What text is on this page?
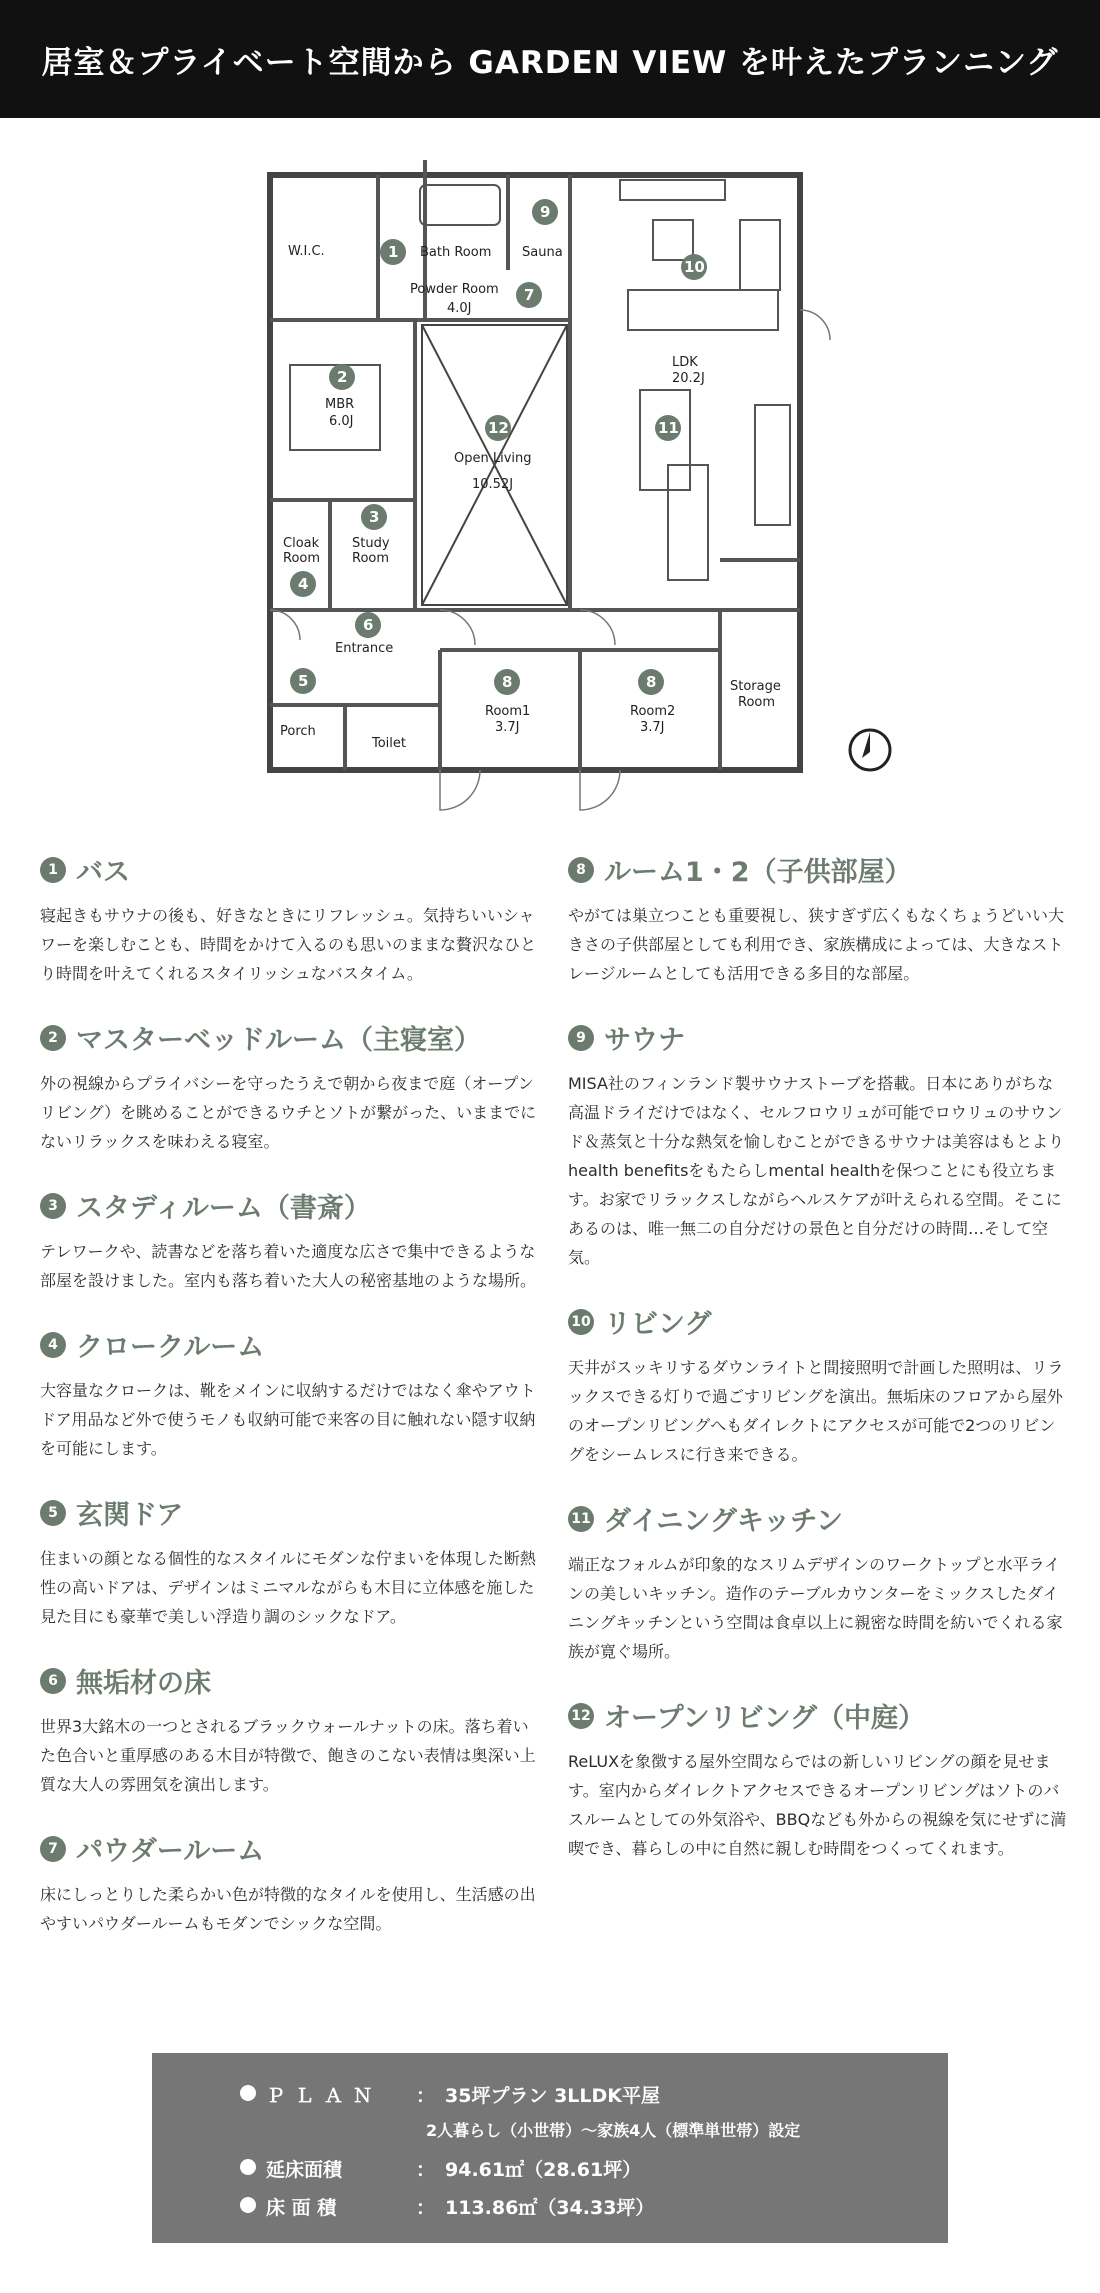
居室＆プライベート空間から GARDEN VIEW を叶えたプランニング
W.I.C.	Bath Room Sauna
Powder Room
4.0J
LDK
20.2J
MBR
6.0J
Open Living
10.52J
Cloak
Room
Study
Room
Entrance
Room1
3.7J
Room2
3.7J
Storage
Room
Porch
Toilet
1
2
3
4
5
6
7
8
9
10
11
12
8
1 バス

寝起きもサウナの後も、好きなときにリフレッシュ。気持ちいいシャワーを楽しむことも、時間をかけて入るのも思いのままな贅沢なひとり時間を叶えてくれるスタイリッシュなバスタイム。

2 マスターベッドルーム（主寝室）

外の視線からプライバシーを守ったうえで朝から夜まで庭（オープンリビング）を眺めることができるウチとソトが繋がった、いままでにないリラックスを味わえる寝室。

3 スタディルーム（書斎）

テレワークや、読書などを落ち着いた適度な広さで集中できるような部屋を設けました。室内も落ち着いた大人の秘密基地のような場所。

4 クロークルーム

大容量なクロークは、靴をメインに収納するだけではなく傘やアウトドア用品など外で使うモノも収納可能で来客の目に触れない隠す収納を可能にします。

5 玄関ドア

住まいの顔となる個性的なスタイルにモダンな佇まいを体現した断熱性の高いドアは、デザインはミニマルながらも木目に立体感を施した見た目にも豪華で美しい浮造り調のシックなドア。

6 無垢材の床

世界3大銘木の一つとされるブラックウォールナットの床。落ち着いた色合いと重厚感のある木目が特徴で、飽きのこない表情は奥深い上質な大人の雰囲気を演出します。

7 パウダールーム

床にしっとりした柔らかい色が特徴的なタイルを使用し、生活感の出やすいパウダールームもモダンでシックな空間。

8 ルーム1・2（子供部屋）

やがては巣立つことも重要視し、狭すぎず広くもなくちょうどいい大きさの子供部屋としても利用でき、家族構成によっては、大きなストレージルームとしても活用できる多目的な部屋。

9 サウナ

MISA社のフィンランド製サウナストーブを搭載。日本にありがちな高温ドライだけではなく、セルフロウリュが可能でロウリュのサウンド＆蒸気と十分な熱気を愉しむことができるサウナは美容はもとよりhealth benefitsをもたらしmental healthを保つことにも役立ちます。お家でリラックスしながらヘルスケアが叶えられる空間。そこにあるのは、唯一無二の自分だけの景色と自分だけの時間…そして空気。

10 リビング

天井がスッキリするダウンライトと間接照明で計画した照明は、リラックスできる灯りで過ごすリビングを演出。無垢床のフロアから屋外のオープンリビングへもダイレクトにアクセスが可能で2つのリビングをシームレスに行き来できる。

11 ダイニングキッチン

端正なフォルムが印象的なスリムデザインのワークトップと水平ラインの美しいキッチン。造作のテーブルカウンターをミックスしたダイニングキッチンという空間は食卓以上に親密な時間を紡いでくれる家族が寛ぐ場所。

12 オープンリビング（中庭）

ReLUXを象徴する屋外空間ならではの新しいリビングの顔を見せます。室内からダイレクトアクセスできるオープンリビングはソトのバスルームとしての外気浴や、BBQなども外からの視線を気にせずに満喫でき、暮らしの中に自然に親しむ時間をつくってくれます。

ＰＬＡＮ	： 35坪プラン 3LLDK平屋
2人暮らし（小世帯）～家族4人（標準単世帯）設定
延床面積	： 94.61㎡（28.61坪）
床 面 積	： 113.86㎡（34.33坪）
